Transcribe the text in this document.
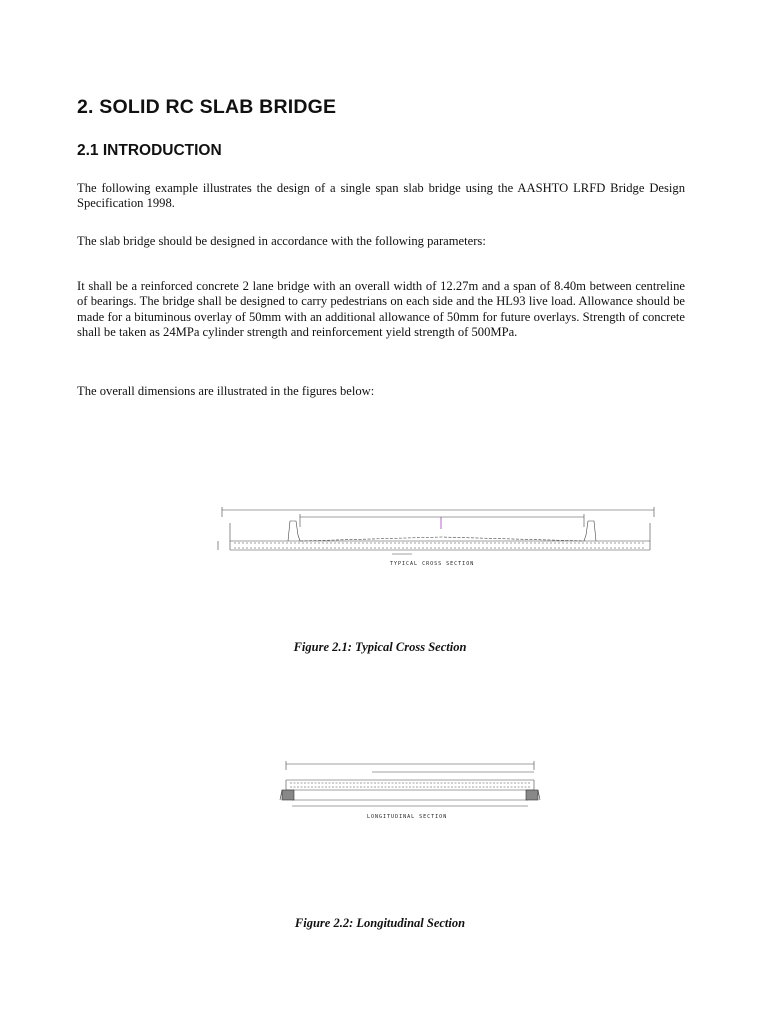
2. SOLID RC SLAB BRIDGE
2.1 INTRODUCTION

The following example illustrates the design of a single span slab bridge using the AASHTO LRFD Bridge Design Specification 1998.

The slab bridge should be designed in accordance with the following parameters:

It shall be a reinforced concrete 2 lane bridge with an overall width of 12.27m and a span of 8.40m between centreline of bearings. The bridge shall be designed to carry pedestrians on each side and the HL93 live load. Allowance should be made for a bituminous overlay of 50mm with an additional allowance of 50mm for future overlays. Strength of concrete shall be taken as 24MPa cylinder strength and reinforcement yield strength of 500MPa.

The overall dimensions are illustrated in the figures below:

TYPICAL CROSS SECTION
Figure 2.1: Typical Cross Section
LONGITUDINAL SECTION
Figure 2.2: Longitudinal Section
